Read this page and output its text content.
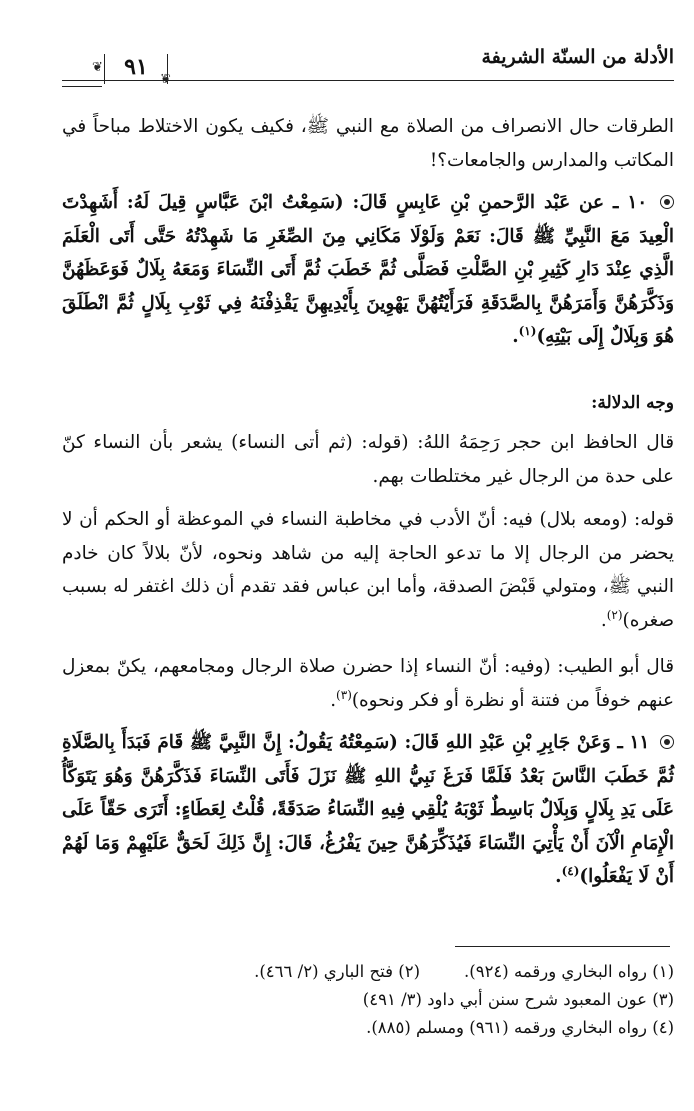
الأدلة من السنّة الشريفة
٩١
❦
❦

الطرقات حال الانصراف من الصلاة مع النبي ﷺ، فكيف يكون الاختلاط مباحاً في المكاتب والمدارس والجامعات؟!

١٠ ـ عن عَبْد الرَّحمنِ بْنِ عَابِسٍ قَالَ: (سَمِعْتُ ابْنَ عَبَّاسٍ قِيلَ لَهُ: أَشَهِدْتَ الْعِيدَ مَعَ النَّبِيِّ ﷺ قَالَ: نَعَمْ وَلَوْلَا مَكَانِي مِنَ الصِّغَرِ مَا شَهِدْتُهُ حَتَّى أَتَى الْعَلَمَ الَّذِي عِنْدَ دَارِ كَثِيرِ بْنِ الصَّلْتِ فَصَلَّى ثُمَّ خَطَبَ ثُمَّ أَتَى النِّسَاءَ وَمَعَهُ بِلَالٌ فَوَعَظَهُنَّ وَذَكَّرَهُنَّ وَأَمَرَهُنَّ بِالصَّدَقَةِ فَرَأَيْتُهُنَّ يَهْوِينَ بِأَيْدِيهِنَّ يَقْذِفْنَهُ فِي ثَوْبِ بِلَالٍ ثُمَّ انْطَلَقَ هُوَ وَبِلَالٌ إِلَى بَيْتِهِ)$^{(١)}$.

وجه الدلالة:

قال الحافظ ابن حجر رَحِمَهُ اللهُ: (قوله: (ثم أتى النساء) يشعر بأن النساء كنّ على حدة من الرجال غير مختلطات بهم.

قوله: (ومعه بلال) فيه: أنّ الأدب في مخاطبة النساء في الموعظة أو الحكم أن لا يحضر من الرجال إلا ما تدعو الحاجة إليه من شاهد ونحوه، لأنّ بلالاً كان خادم النبي ﷺ، ومتولي قَبْضَ الصدقة، وأما ابن عباس فقد تقدم أن ذلك اغتفر له بسبب صغره)$^{(٢)}$.

قال أبو الطيب: (وفيه: أنّ النساء إذا حضرن صلاة الرجال ومجامعهم، يكنّ بمعزل عنهم خوفاً من فتنة أو نظرة أو فكر ونحوه)$^{(٣)}$.

١١ ـ وَعَنْ جَابِرِ بْنِ عَبْدِ اللهِ قَالَ: (سَمِعْتُهُ يَقُولُ: إِنَّ النَّبِيَّ ﷺ قَامَ فَبَدَأَ بِالصَّلَاةِ ثُمَّ خَطَبَ النَّاسَ بَعْدُ فَلَمَّا فَرَغَ نَبِيُّ اللهِ ﷺ نَزَلَ فَأَتَى النِّسَاءَ فَذَكَّرَهُنَّ وَهُوَ يَتَوَكَّأُ عَلَى يَدِ بِلَالٍ وَبِلَالٌ بَاسِطٌ ثَوْبَهُ يُلْقِي فِيهِ النِّسَاءُ صَدَقَةً، قُلْتُ لِعَطَاءٍ: أَتَرَى حَقّاً عَلَى الْإِمَامِ الْآنَ أَنْ يَأْتِيَ النِّسَاءَ فَيُذَكِّرَهُنَّ حِينَ يَفْرُغُ، قَالَ: إِنَّ ذَلِكَ لَحَقٌّ عَلَيْهِمْ وَمَا لَهُمْ أَنْ لَا يَفْعَلُوا)$^{(٤)}$.

(١) رواه البخاري ورقمه (٩٢٤).(٢) فتح الباري (٢/ ٤٦٦).
(٣) عون المعبود شرح سنن أبي داود (٣/ ٤٩١)
(٤) رواه البخاري ورقمه (٩٦١) ومسلم (٨٨٥).
